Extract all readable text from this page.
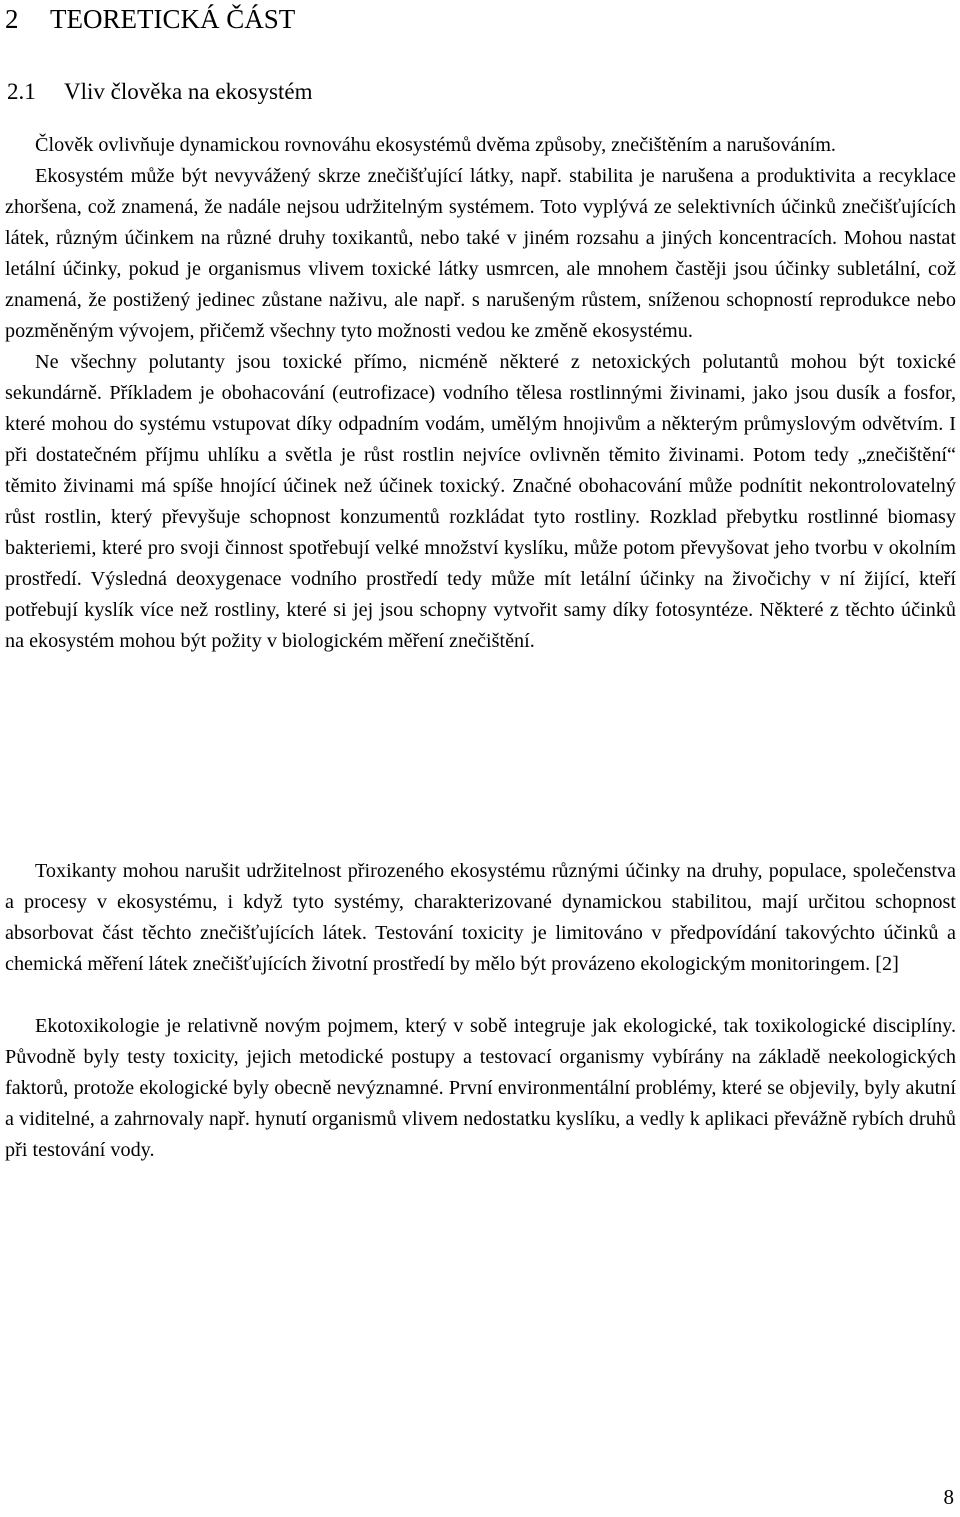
2 TEORETICKÁ ČÁST
2.1 Vliv člověka na ekosystém

Člověk ovlivňuje dynamickou rovnováhu ekosystémů dvěma způsoby, znečištěním a narušováním.

Ekosystém může být nevyvážený skrze znečišťující látky, např. stabilita je narušena a produktivita a recyklace zhoršena, což znamená, že nadále nejsou udržitelným systémem. Toto vyplývá ze selektivních účinků znečišťujících látek, různým účinkem na různé druhy toxikantů, nebo také v jiném rozsahu a jiných koncentracích. Mohou nastat letální účinky, pokud je organismus vlivem toxické látky usmrcen, ale mnohem častěji jsou účinky subletální, což znamená, že postižený jedinec zůstane naživu, ale např. s narušeným růstem, sníženou schopností reprodukce nebo pozměněným vývojem, přičemž všechny tyto možnosti vedou ke změně ekosystému.

Ne všechny polutanty jsou toxické přímo, nicméně některé z netoxických polutantů mohou být toxické sekundárně. Příkladem je obohacování (eutrofizace) vodního tělesa rostlinnými živinami, jako jsou dusík a fosfor, které mohou do systému vstupovat díky odpadním vodám, umělým hnojivům a některým průmyslovým odvětvím. I při dostatečném příjmu uhlíku a světla je růst rostlin nejvíce ovlivněn těmito živinami. Potom tedy „znečištění“ těmito živinami má spíše hnojící účinek než účinek toxický. Značné obohacování může podnítit nekontrolovatelný růst rostlin, který převyšuje schopnost konzumentů rozkládat tyto rostliny. Rozklad přebytku rostlinné biomasy bakteriemi, které pro svoji činnost spotřebují velké množství kyslíku, může potom převyšovat jeho tvorbu v okolním prostředí. Výsledná deoxygenace vodního prostředí tedy může mít letální účinky na živočichy v ní žijící, kteří potřebují kyslík více než rostliny, které si jej jsou schopny vytvořit samy díky fotosyntéze. Některé z těchto účinků na ekosystém mohou být požity v biologickém měření znečištění.

Toxikanty mohou narušit udržitelnost přirozeného ekosystému různými účinky na druhy, populace, společenstva a procesy v ekosystému, i když tyto systémy, charakterizované dynamickou stabilitou, mají určitou schopnost absorbovat část těchto znečišťujících látek. Testování toxicity je limitováno v předpovídání takovýchto účinků a chemická měření látek znečišťujících životní prostředí by mělo být provázeno ekologickým monitoringem. [2]

Ekotoxikologie je relativně novým pojmem, který v sobě integruje jak ekologické, tak toxikologické disciplíny. Původně byly testy toxicity, jejich metodické postupy a testovací organismy vybírány na základě neekologických faktorů, protože ekologické byly obecně nevýznamné. První environmentální problémy, které se objevily, byly akutní a viditelné, a zahrnovaly např. hynutí organismů vlivem nedostatku kyslíku, a vedly k aplikaci převážně rybích druhů při testování vody.

8
